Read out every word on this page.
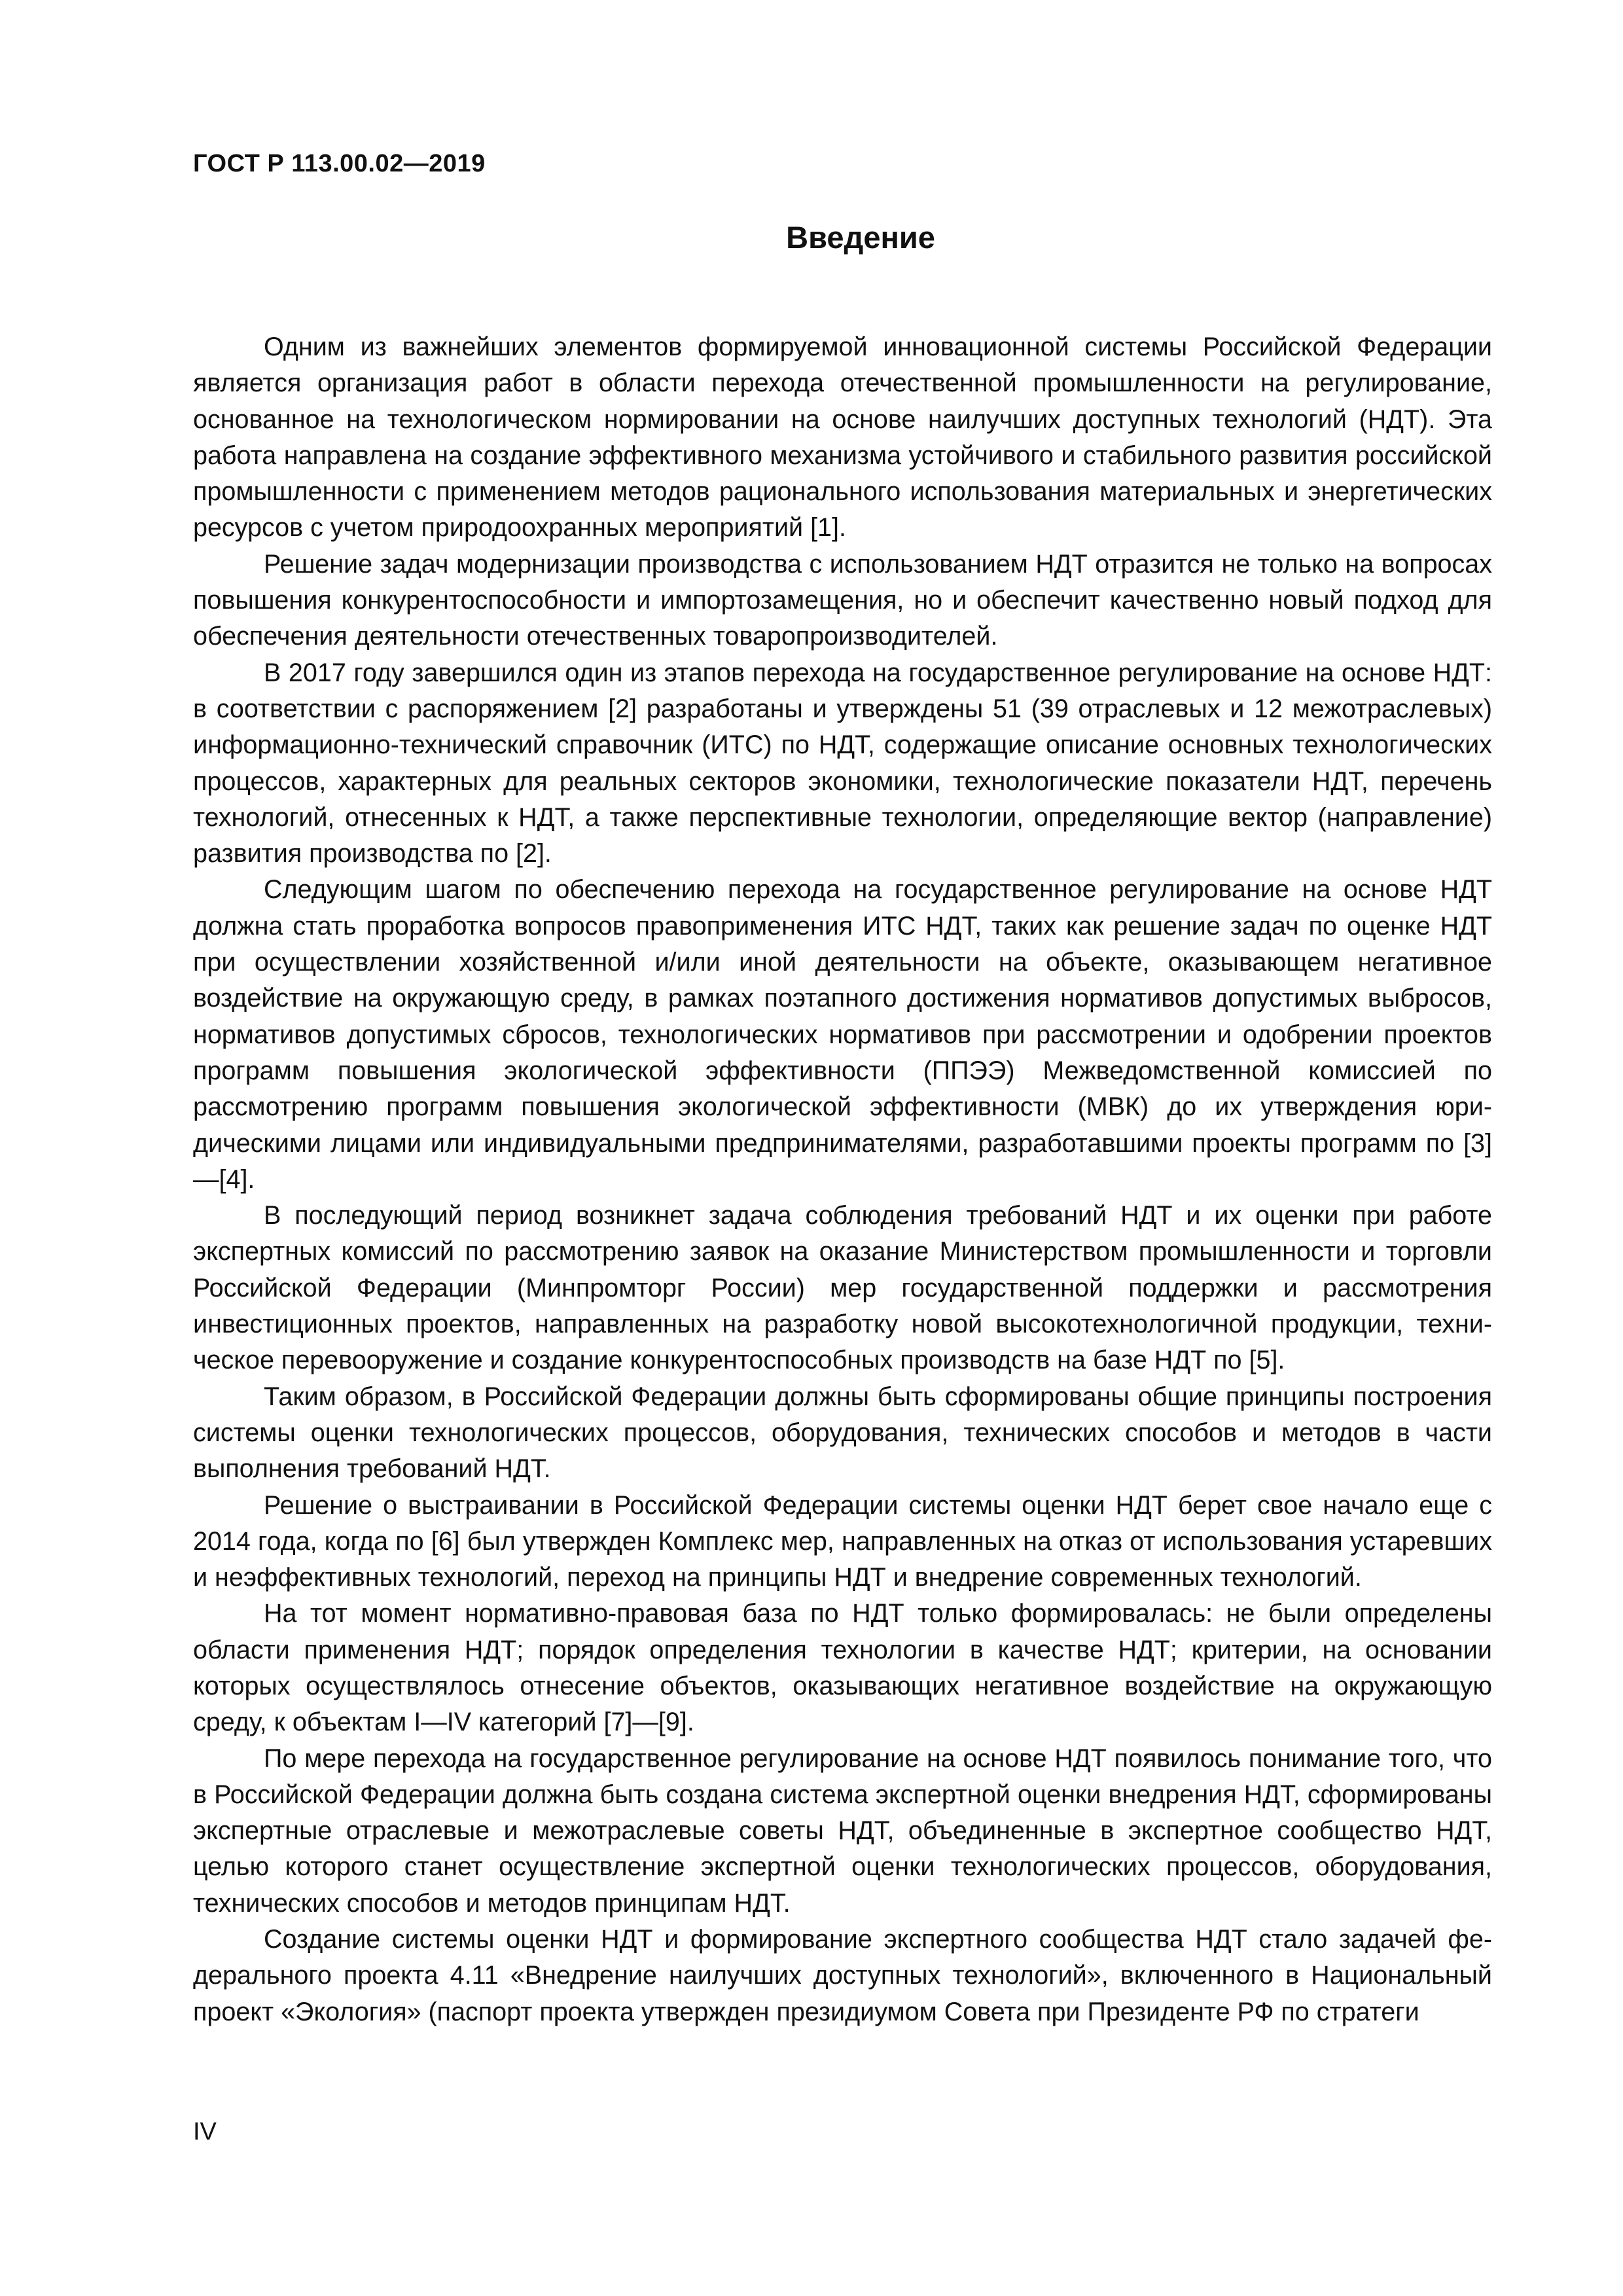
ГОСТ Р 113.00.02—2019
Введение

Одним из важнейших элементов формируемой инновационной системы Российской Федерации является организация работ в области перехода отечественной промышленности на регулирование, основанное на технологическом нормировании на основе наилучших доступных технологий (НДТ). Эта работа направлена на создание эффективного механизма устойчивого и стабильного развития российской промышленности с применением методов рационального использования материальных и энергетических ресурсов с учетом природоохранных мероприятий [1].

Решение задач модернизации производства с использованием НДТ отразится не только на вопросах повышения конкурентоспособности и импортозамещения, но и обеспечит качественно новый подход для обеспечения деятельности отечественных товаропроизводителей.

В 2017 году завершился один из этапов перехода на государственное регулирование на основе НДТ: в соответствии с распоряжением [2] разработаны и утверждены 51 (39 отраслевых и 12 межотраслевых) информационно-технический справочник (ИТС) по НДТ, содержащие описание основных технологических процессов, характерных для реальных секторов экономики, технологические показатели НДТ, перечень технологий, отнесенных к НДТ, а также перспективные технологии, определяющие вектор (направление) развития производства по [2].

Следующим шагом по обеспечению перехода на государственное регулирование на основе НДТ должна стать проработка вопросов правоприменения ИТС НДТ, таких как решение задач по оценке НДТ при осуществлении хозяйственной и/или иной деятельности на объекте, оказывающем негативное воздействие на окружающую среду, в рамках поэтапного достижения нормативов допустимых выбросов, нормативов допустимых сбросов, технологических нормативов при рассмотрении и одобрении проектов программ повышения экологической эффективности (ППЭЭ) Межведомственной комиссией по рассмотрению программ повышения экологической эффективности (МВК) до их утверждения юридическими лицами или индивидуальными предпринимателями, разработавшими проекты программ по [3]—[4].

В последующий период возникнет задача соблюдения требований НДТ и их оценки при работе экспертных комиссий по рассмотрению заявок на оказание Министерством промышленности и торговли Российской Федерации (Минпромторг России) мер государственной поддержки и рассмотрения инвестиционных проектов, направленных на разработку новой высокотехнологичной продукции, техническое перевооружение и создание конкурентоспособных производств на базе НДТ по [5].

Таким образом, в Российской Федерации должны быть сформированы общие принципы построения системы оценки технологических процессов, оборудования, технических способов и методов в части выполнения требований НДТ.

Решение о выстраивании в Российской Федерации системы оценки НДТ берет свое начало еще с 2014 года, когда по [6] был утвержден Комплекс мер, направленных на отказ от использования устаревших и неэффективных технологий, переход на принципы НДТ и внедрение современных технологий.

На тот момент нормативно-правовая база по НДТ только формировалась: не были определены области применения НДТ; порядок определения технологии в качестве НДТ; критерии, на основании которых осуществлялось отнесение объектов, оказывающих негативное воздействие на окружающую среду, к объектам I—IV категорий [7]—[9].

По мере перехода на государственное регулирование на основе НДТ появилось понимание того, что в Российской Федерации должна быть создана система экспертной оценки внедрения НДТ, сформированы экспертные отраслевые и межотраслевые советы НДТ, объединенные в экспертное сообщество НДТ, целью которого станет осуществление экспертной оценки технологических процессов, оборудования, технических способов и методов принципам НДТ.

Создание системы оценки НДТ и формирование экспертного сообщества НДТ стало задачей федерального проекта 4.11 «Внедрение наилучших доступных технологий», включенного в Национальный проект «Экология» (паспорт проекта утвержден президиумом Совета при Президенте РФ по стратеги

IV
